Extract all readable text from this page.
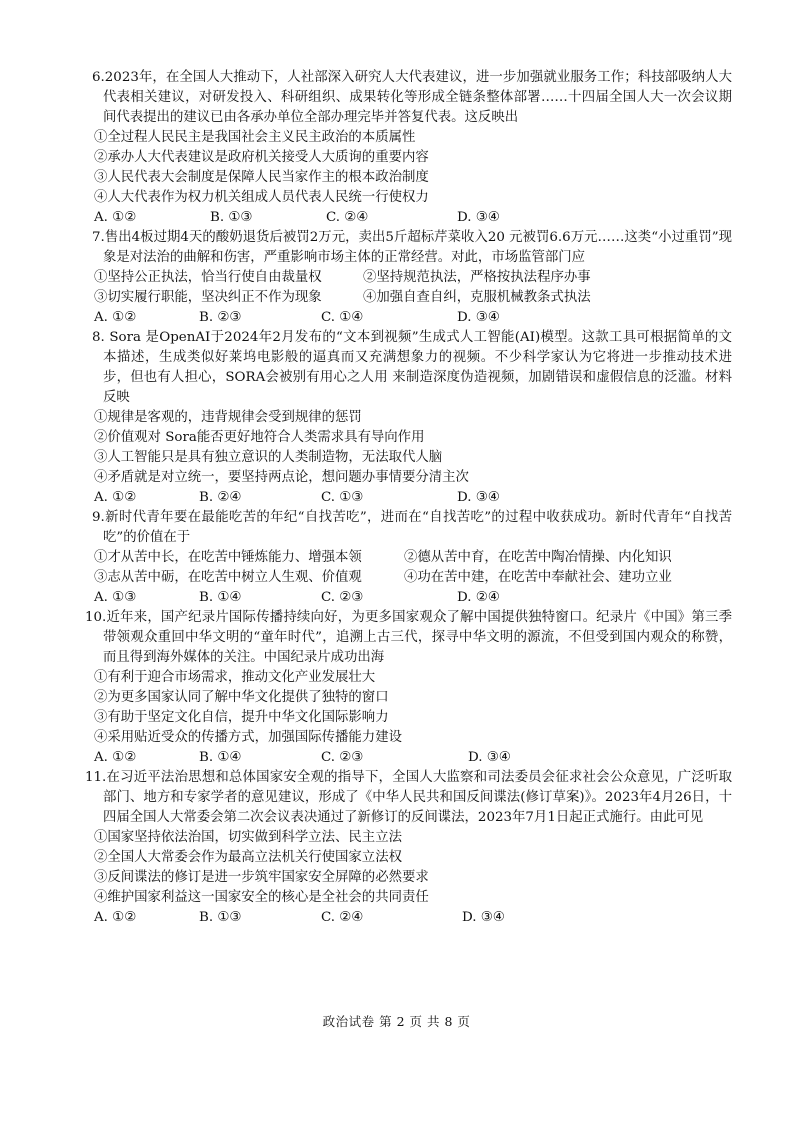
6.2023年，在全国人大推动下，人社部深入研究人大代表建议，进一步加强就业服务工作；科技部吸纳人大代表相关建议，对研发投入、科研组织、成果转化等形成全链条整体部署……十四届全国人大一次会议期间代表提出的建议已由各承办单位全部办理完毕并答复代表。这反映出

①全过程人民民主是我国社会主义民主政治的本质属性

②承办人大代表建议是政府机关接受人大质询的重要内容

③人民代表大会制度是保障人民当家作主的根本政治制度

④人大代表作为权力机关组成人员代表人民统一行使权力

A. ①②	B. ①③	C. ②④	D. ③④

7.售出4板过期4天的酸奶退货后被罚2万元，卖出5斤超标芹菜收入20 元被罚6.6万元……这类“小过重罚”现象是对法治的曲解和伤害，严重影响市场主体的正常经营。对此，市场监管部门应

①坚持公正执法，恰当行使自由裁量权	②坚持规范执法，严格按执法程序办事
③切实履行职能，坚决纠正不作为现象	④加强自查自纠，克服机械教条式执法
A. ①②	B. ②③	C. ①④	D. ③④

8. Sora 是OpenAI于2024年2月发布的“文本到视频”生成式人工智能(AI)模型。这款工具可根据简单的文本描述，生成类似好莱坞电影般的逼真而又充满想象力的视频。不少科学家认为它将进一步推动技术进步，但也有人担心，SORA会被别有用心之人用 来制造深度伪造视频，加剧错误和虚假信息的泛滥。材料反映

①规律是客观的，违背规律会受到规律的惩罚

②价值观对 Sora能否更好地符合人类需求具有导向作用

③人工智能只是具有独立意识的人类制造物，无法取代人脑

④矛盾就是对立统一，要坚持两点论，想问题办事情要分清主次

A. ①②	B. ②④	C. ①③	D. ③④

9.新时代青年要在最能吃苦的年纪“自找苦吃”，进而在“自找苦吃”的过程中收获成功。新时代青年“自找苦吃”的价值在于

①才从苦中长，在吃苦中锤炼能力、增强本领	②德从苦中育，在吃苦中陶冶情操、内化知识
③志从苦中砺，在吃苦中树立人生观、价值观	④功在苦中建，在吃苦中奉献社会、建功立业
A. ①③	B. ①④	C. ②③	D. ②④

10.近年来，国产纪录片国际传播持续向好，为更多国家观众了解中国提供独特窗口。纪录片《中国》第三季带领观众重回中华文明的“童年时代”，追溯上古三代，探寻中华文明的源流，不但受到国内观众的称赞，而且得到海外媒体的关注。中国纪录片成功出海

①有利于迎合市场需求，推动文化产业发展壮大

②为更多国家认同了解中华文化提供了独特的窗口

③有助于坚定文化自信，提升中华文化国际影响力

④采用贴近受众的传播方式，加强国际传播能力建设

A. ①②	B. ①④	C. ②③	D. ③④

11.在习近平法治思想和总体国家安全观的指导下，全国人大监察和司法委员会征求社会公众意见，广泛听取部门、地方和专家学者的意见建议，形成了《中华人民共和国反间谍法(修订草案)》。2023年4月26日，十四届全国人大常委会第二次会议表决通过了新修订的反间谍法，2023年7月1日起正式施行。由此可见

①国家坚持依法治国，切实做到科学立法、民主立法

②全国人大常委会作为最高立法机关行使国家立法权

③反间谍法的修订是进一步筑牢国家安全屏障的必然要求

④维护国家利益这一国家安全的核心是全社会的共同责任

A. ①②	B. ①③	C. ②④	D. ③④
政治试卷 第 2 页 共 8 页
